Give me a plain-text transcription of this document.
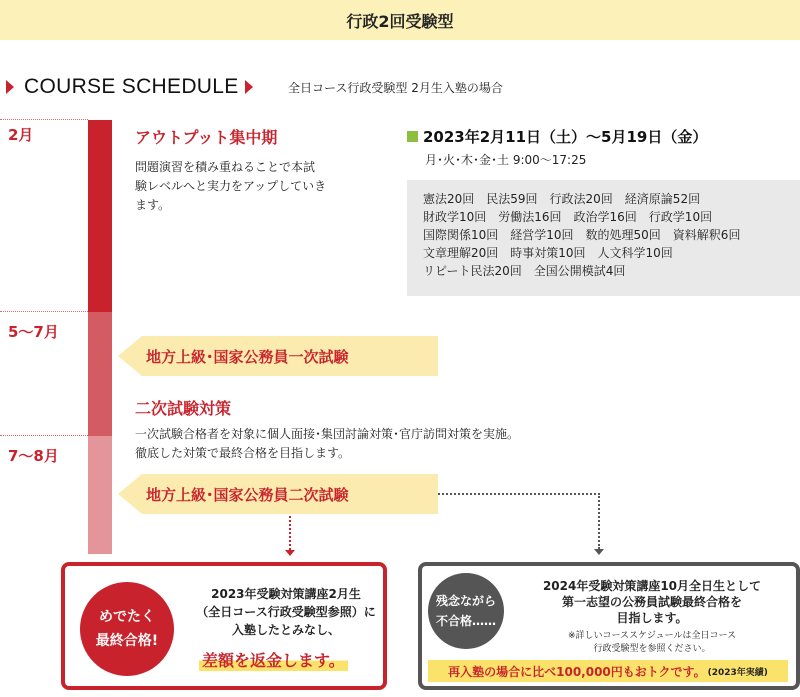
行政2回受験型
COURSE SCHEDULE	全日コース行政受験型 2月生入塾の場合
2月
5〜7月
7〜8月
アウトプット集中期
問題演習を積み重ねることで本試
験レベルへと実力をアップしていき
ます。
2023年2月11日（土）〜5月19日（金）
月･火･木･金･土 9:00〜17:25
憲法20回　民法59回　行政法20回　経済原論52回
財政学10回　労働法16回　政治学16回　行政学10回
国際関係10回　経営学10回　数的処理50回　資料解釈6回
文章理解20回　時事対策10回　人文科学10回
リピート民法20回　全国公開模試4回
地方上級･国家公務員一次試験
二次試験対策
一次試験合格者を対象に個人面接･集団討論対策･官庁訪問対策を実施。
徹底した対策で最終合格を目指します。
地方上級･国家公務員二次試験
めでたく
最終合格!
2023年受験対策講座2月生
（全日コース行政受験型参照）に
入塾したとみなし、
差額を返金します。
残念ながら
不合格……
2024年受験対策講座10月全日生として
第一志望の公務員試験最終合格を
目指します。
※詳しいコーススケジュールは全日コース
行政受験型を参照ください。
再入塾の場合に比べ100,000円もおトクです。 (2023年実績)
